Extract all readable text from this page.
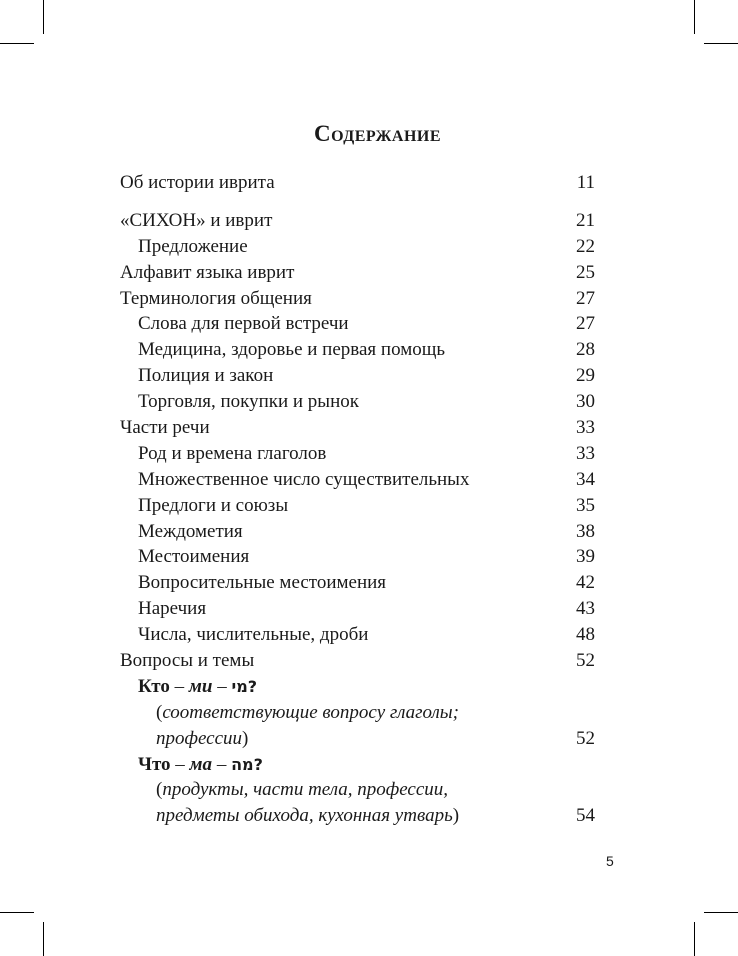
Содержание
Об истории иврита	11
«СИХОН» и иврит	21
Предложение	22
Алфавит языка иврит	25
Терминология общения	27
Слова для первой встречи	27
Медицина, здоровье и первая помощь	28
Полиция и закон	29
Торговля, покупки и рынок	30
Части речи	33
Род и времена глаголов	33
Множественное число существительных	34
Предлоги и союзы	35
Междометия	38
Местоимения	39
Вопросительные местоимения	42
Наречия	43
Числа, числительные, дроби	48
Вопросы и темы	52
Кто – ми – ?מי
(соответствующие вопросу глаголы;
профессии)	52
Что – ма – ?מה
(продукты, части тела, профессии,
предметы обихода, кухонная утварь)	54
5
